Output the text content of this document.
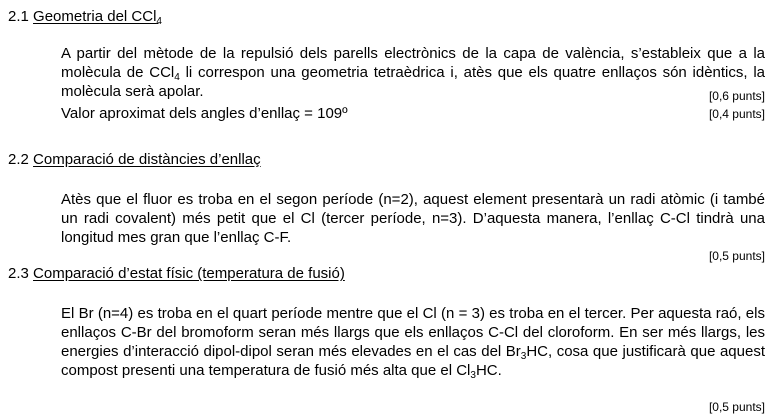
2.1 Geometria del CCl$_4$
A partir del mètode de la repulsió dels parells electrònics de la capa de valència, s’estableix que a la molècula de CCl$_4$ li correspon una geometria tetraèdrica i, atès que els quatre enllaços són idèntics, la molècula serà apolar.	[0,6 punts]
Valor aproximat dels angles d’enllaç = 109º	[0,4 punts]
2.2 Comparació de distàncies d’enllaç
Atès que el fluor es troba en el segon període (n=2), aquest element presentarà un radi atòmic (i també un radi covalent) més petit que el Cl (tercer període, n=3). D’aquesta manera, l’enllaç C-Cl tindrà una longitud mes gran que l’enllaç C-F.
[0,5 punts]
2.3 Comparació d’estat físic (temperatura de fusió)
El Br (n=4) es troba en el quart període mentre que el Cl (n = 3) es troba en el tercer. Per aquesta raó, els enllaços C-Br del bromoform seran més llargs que els enllaços C-Cl del cloroform. En ser més llargs, les energies d’interacció dipol-dipol seran més elevades en el cas del $Br_3HC$, cosa que justificarà que aquest compost presenti una temperatura de fusió més alta que el $Cl_3HC$.
[0,5 punts]
